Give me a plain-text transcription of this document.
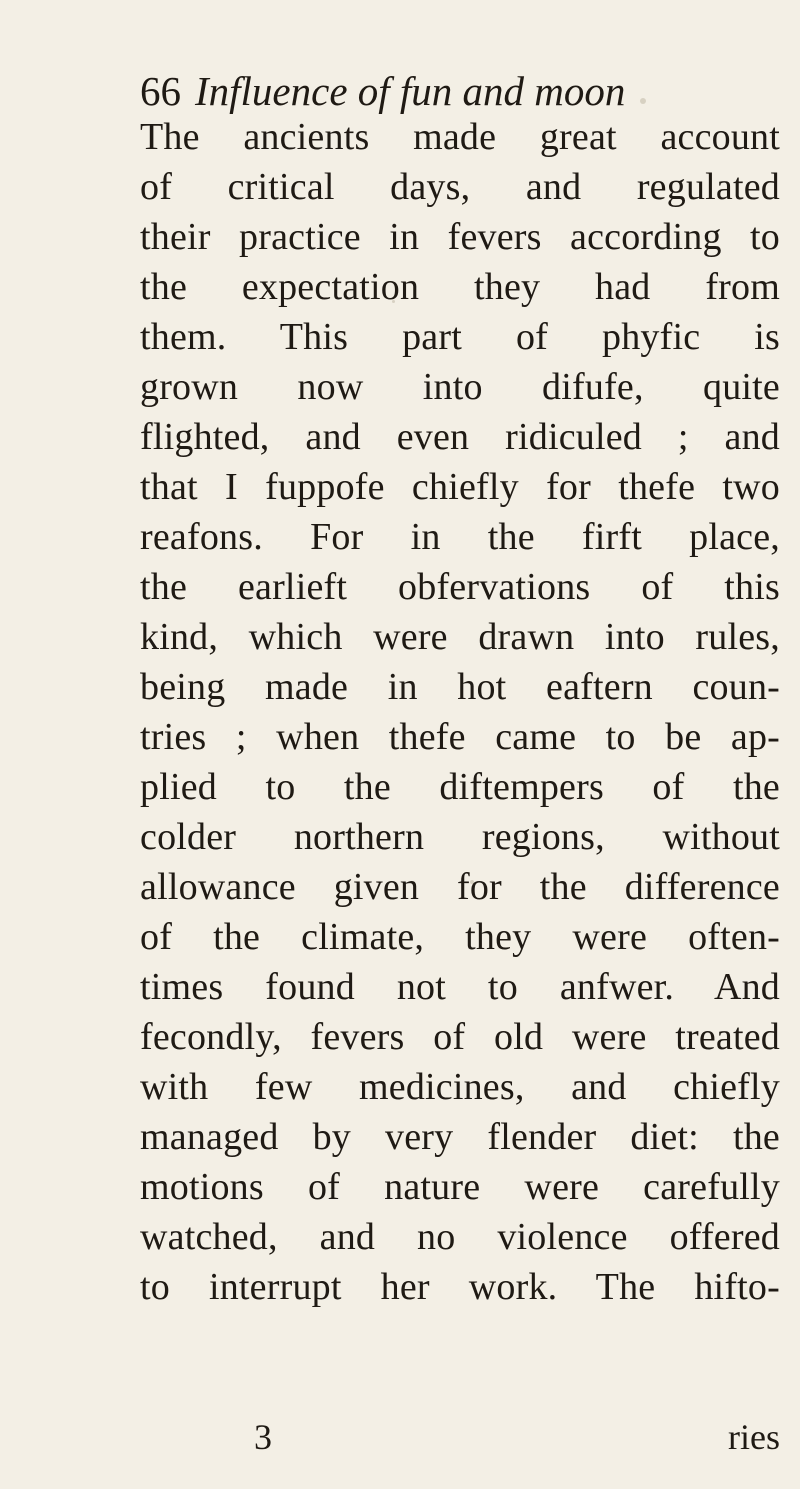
66 Influence of fun and moon
The ancients made great account
of critical days, and regulated
their practice in fevers according to
the expectation they had from
them. This part of phyfic is
grown now into difufe, quite
flighted, and even ridiculed ; and
that I fuppofe chiefly for thefe two
reafons. For in the firft place,
the earlieft obfervations of this
kind, which were drawn into rules,
being made in hot eaftern coun-
tries ; when thefe came to be ap-
plied to the diftempers of the
colder northern regions, without
allowance given for the difference
of the climate, they were often-
times found not to anfwer. And
fecondly, fevers of old were treated
with few medicines, and chiefly
managed by very flender diet: the
motions of nature were carefully
watched, and no violence offered
to interrupt her work. The hifto-
3	ries
